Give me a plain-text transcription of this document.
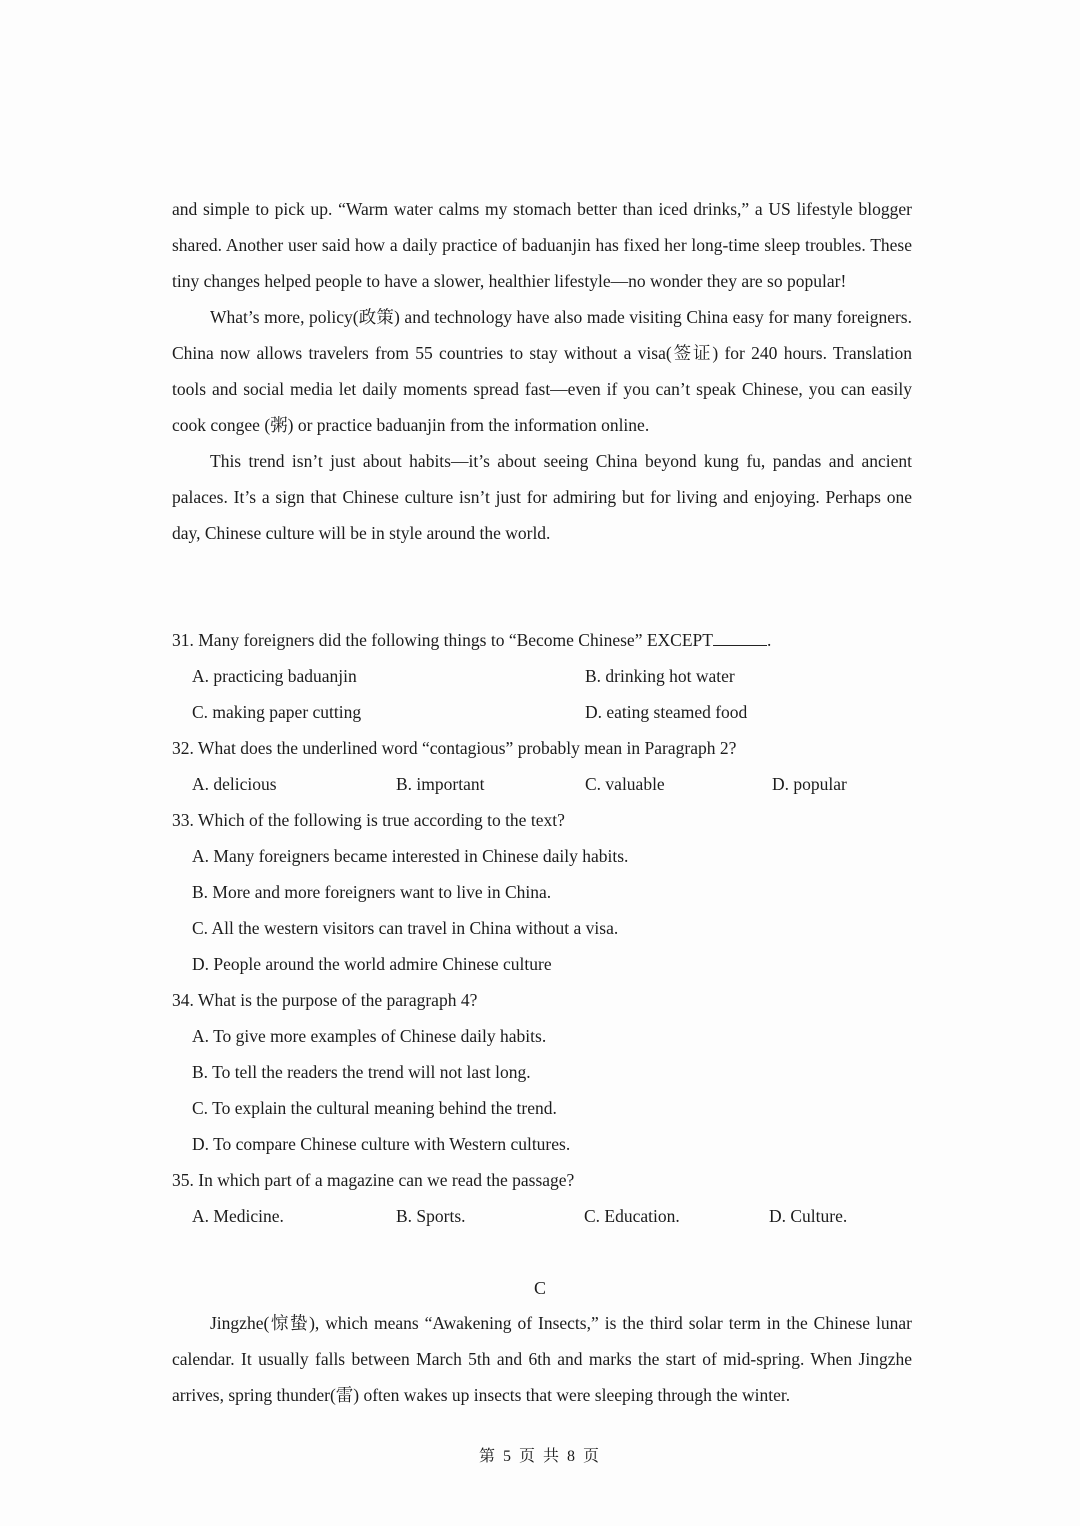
and simple to pick up. “Warm water calms my stomach better than iced drinks,” a US lifestyle blogger shared. Another user said how a daily practice of baduanjin has fixed her long-time sleep troubles. These tiny changes helped people to have a slower, healthier lifestyle—no wonder they are so popular!

What’s more, policy(政策) and technology have also made visiting China easy for many foreigners. China now allows travelers from 55 countries to stay without a visa(签证) for 240 hours. Translation tools and social media let daily moments spread fast—even if you can’t speak Chinese, you can easily cook congee (粥) or practice baduanjin from the information online.

This trend isn’t just about habits—it’s about seeing China beyond kung fu, pandas and ancient palaces. It’s a sign that Chinese culture isn’t just for admiring but for living and enjoying. Perhaps one day, Chinese culture will be in style around the world.

31. Many foreigners did the following things to “Become Chinese” EXCEPT	.

A. practicing baduanjin	B. drinking hot water

C. making paper cutting	D. eating steamed food

32. What does the underlined word “contagious” probably mean in Paragraph 2?

A. delicious	B. important	C. valuable	D. popular

33. Which of the following is true according to the text?

A. Many foreigners became interested in Chinese daily habits.

B. More and more foreigners want to live in China.

C. All the western visitors can travel in China without a visa.

D. People around the world admire Chinese culture

34. What is the purpose of the paragraph 4?

A. To give more examples of Chinese daily habits.

B. To tell the readers the trend will not last long.

C. To explain the cultural meaning behind the trend.

D. To compare Chinese culture with Western cultures.

35. In which part of a magazine can we read the passage?

A. Medicine.	B. Sports.	C. Education.	D. Culture.

C

Jingzhe(惊蛰), which means “Awakening of Insects,” is the third solar term in the Chinese lunar calendar. It usually falls between March 5th and 6th and marks the start of mid-spring. When Jingzhe arrives, spring thunder(雷) often wakes up insects that were sleeping through the winter.

第 5 页 共 8 页
